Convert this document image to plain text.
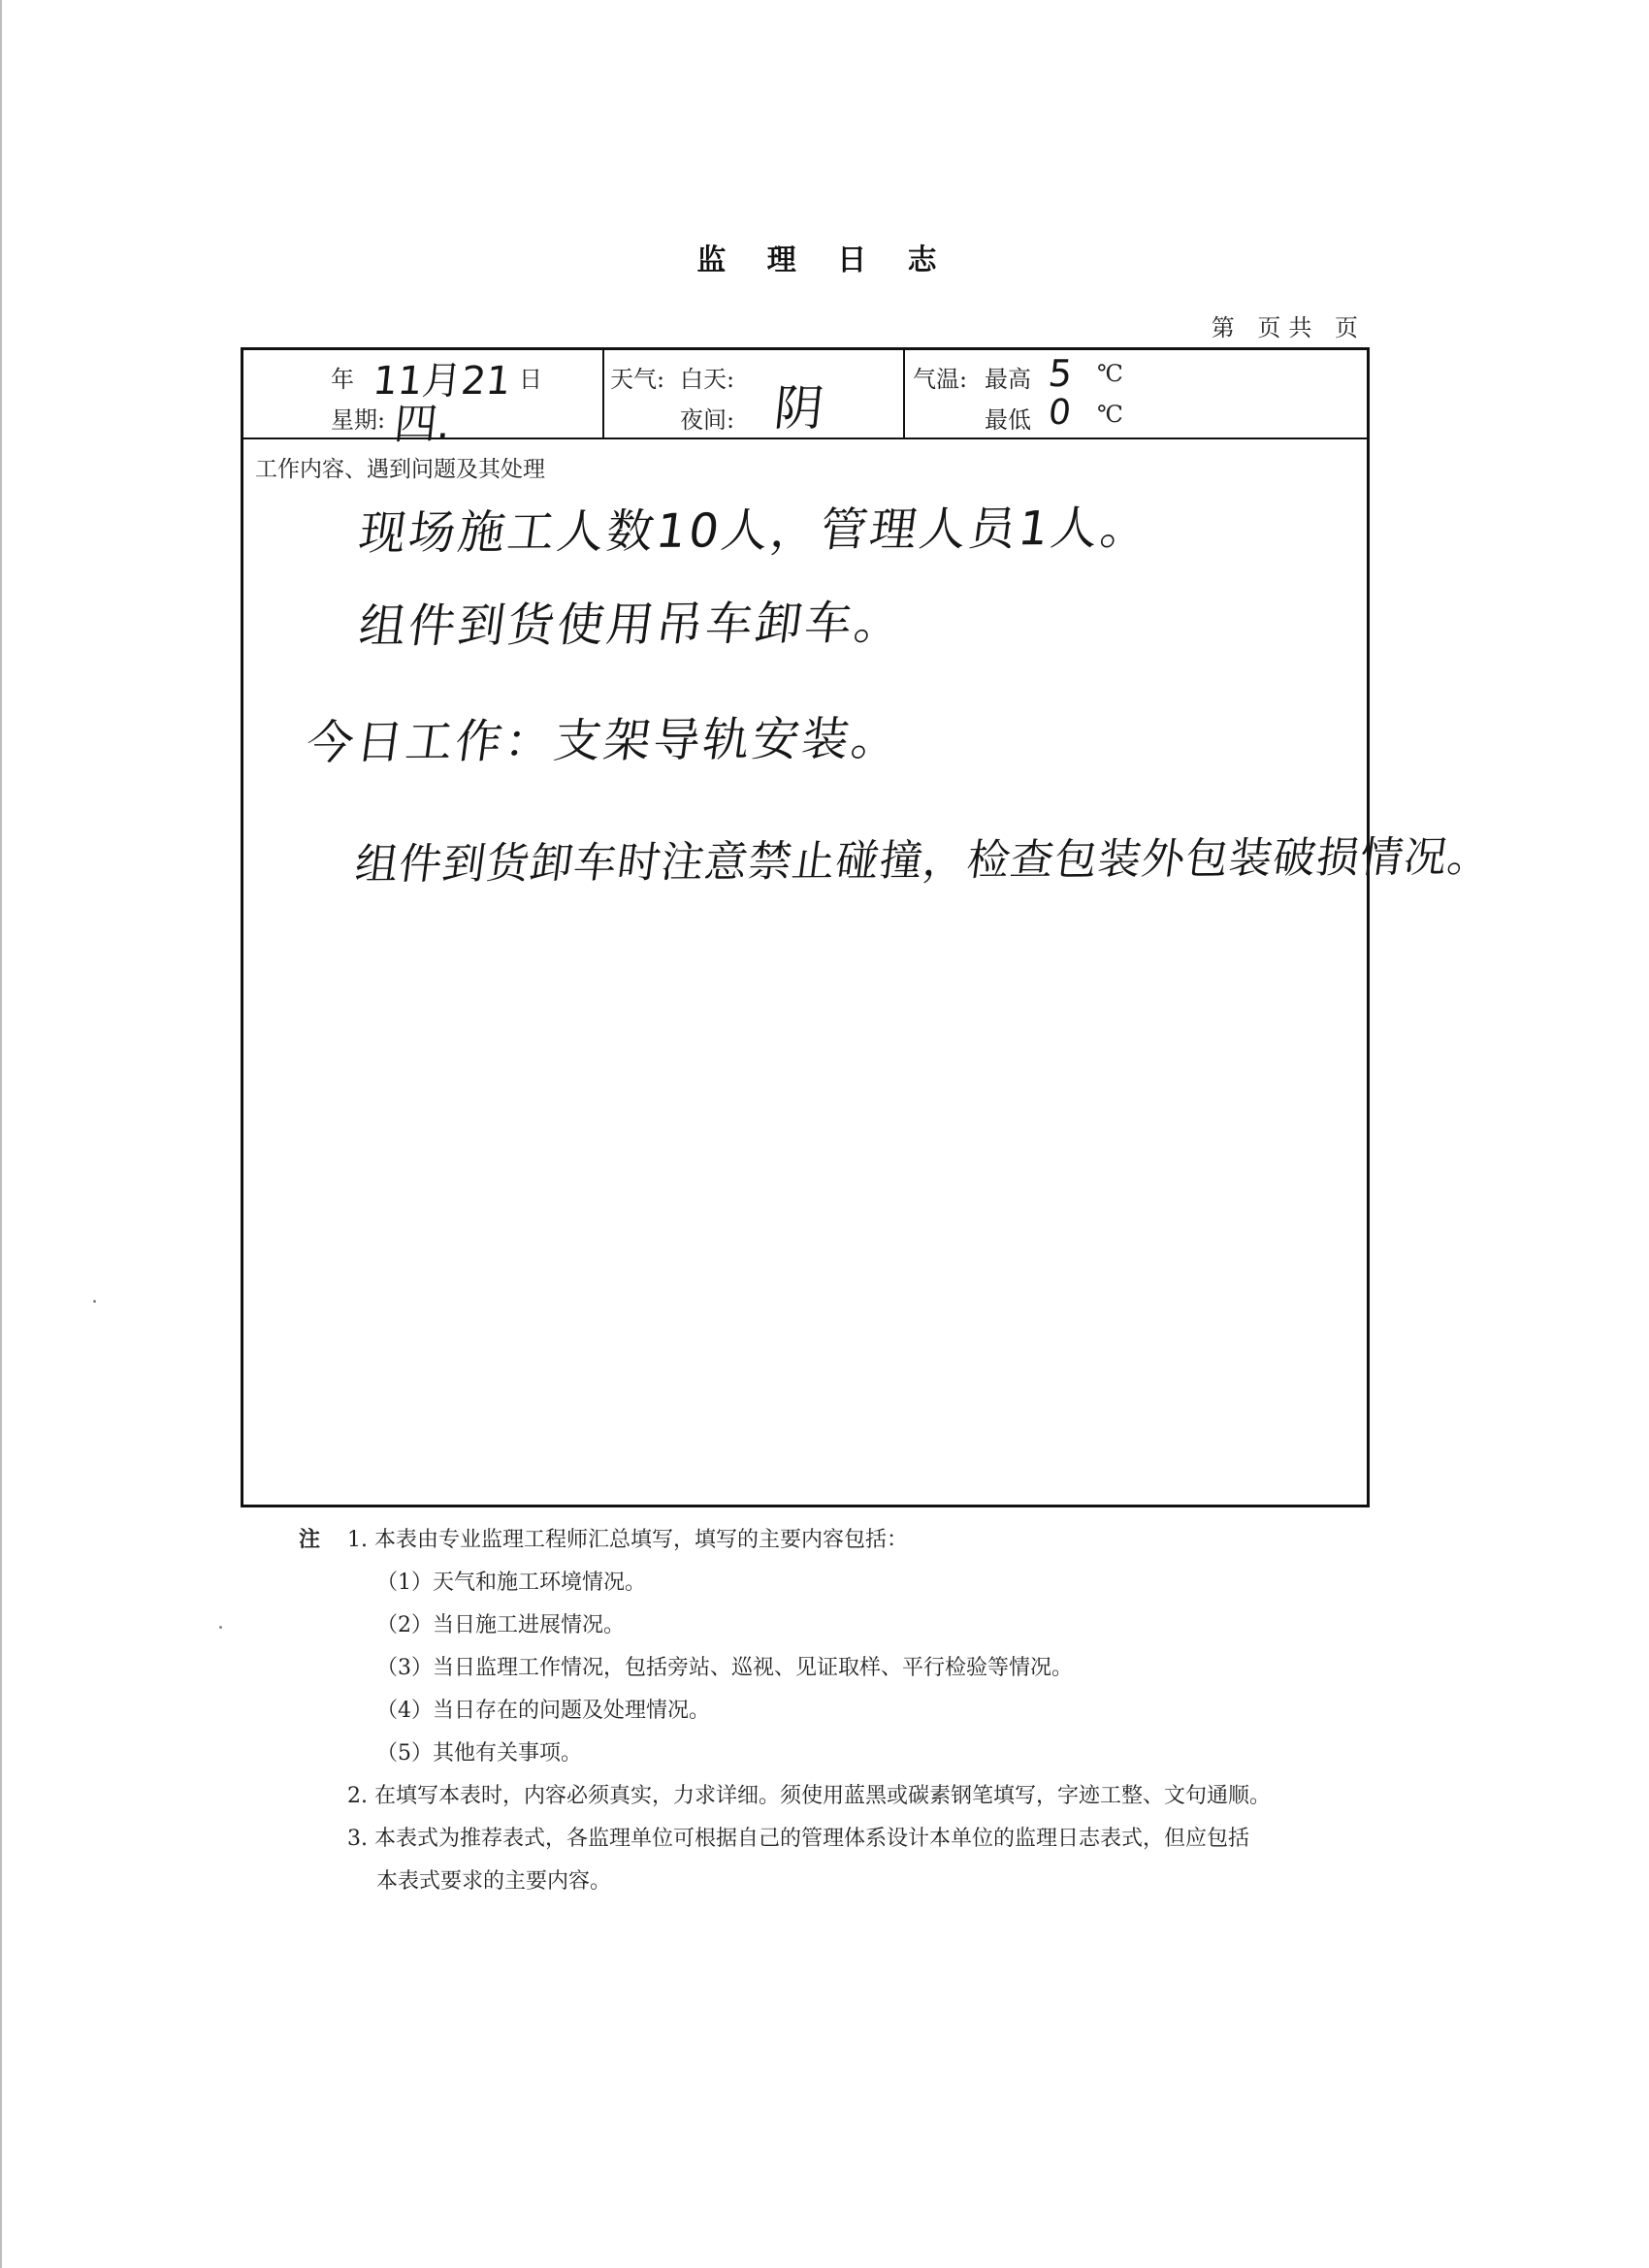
监 理 日 志
第 页共 页
年 11月21 日
星期: 四.
天气: 白天:
夜间: 阴
气温: 最高 5 ℃
最低 0 ℃
工作内容、遇到问题及其处理
现场施工人数10人，管理人员1人。
组件到货使用吊车卸车。
今日工作：支架导轨安装。
组件到货卸车时注意禁止碰撞，检查包装外包装破损情况。
注 1. 本表由专业监理工程师汇总填写，填写的主要内容包括：
（1）天气和施工环境情况。
（2）当日施工进展情况。
（3）当日监理工作情况，包括旁站、巡视、见证取样、平行检验等情况。
（4）当日存在的问题及处理情况。
（5）其他有关事项。
2. 在填写本表时，内容必须真实，力求详细。须使用蓝黑或碳素钢笔填写，字迹工整、文句通顺。
3. 本表式为推荐表式，各监理单位可根据自己的管理体系设计本单位的监理日志表式，但应包括
本表式要求的主要内容。
